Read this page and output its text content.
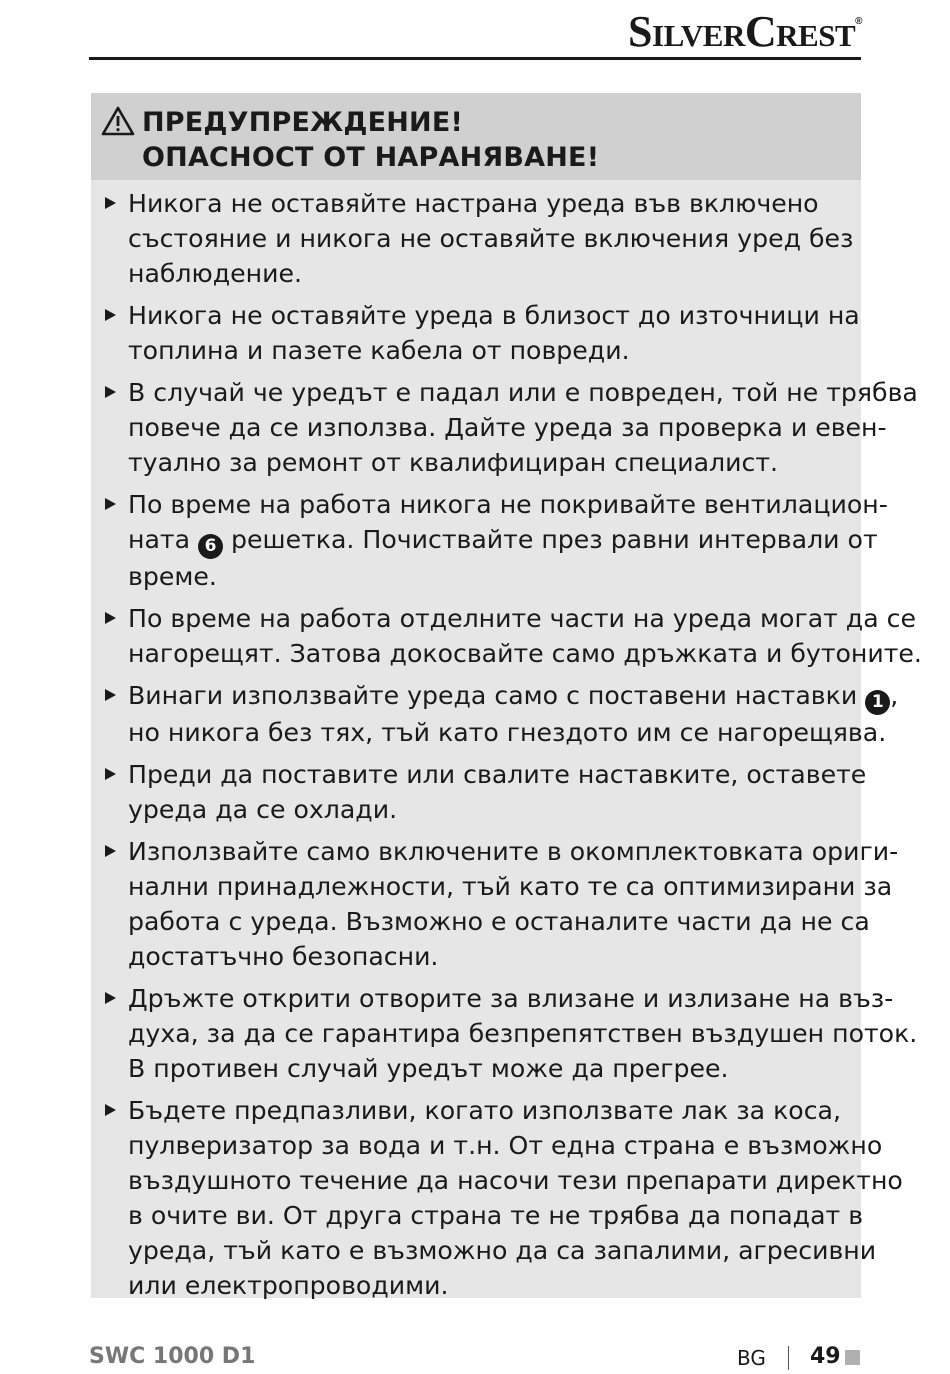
SILVERCREST®
ПРЕДУПРЕЖДЕНИЕ!
ОПАСНОСТ ОТ НАРАНЯВАНЕ!
Никога не оставяйте настрана уреда във включено
състояние и никога не оставяйте включения уред без
наблюдение.
Никога не оставяйте уреда в близост до източници на
топлина и пазете кабела от повреди.
В случай че уредът е падал или е повреден, той не трябва
повече да се използва. Дайте уреда за проверка и евен-
туално за ремонт от квалифициран специалист.
По време на работа никога не покривайте вентилацион-
ната 6 решетка. Почиствайте през равни интервали от
време.
По време на работа отделните части на уреда могат да се
нагорещят. Затова докосвайте само дръжката и бутоните.
Винаги използвайте уреда само с поставени наставки 1 ,
но никога без тях, тъй като гнездото им се нагорещява.
Преди да поставите или свалите наставките, оставете
уреда да се охлади.
Използвайте само включените в окомплектовката ориги-
нални принадлежности, тъй като те са оптимизирани за
работа с уреда. Възможно е останалите части да не са
достатъчно безопасни.
Дръжте открити отворите за влизане и излизане на въз-
духа, за да се гарантира безпрепятствен въздушен поток.
В противен случай уредът може да прегрее.
Бъдете предпазливи, когато използвате лак за коса,
пулверизатор за вода и т.н. От една страна е възможно
въздушното течение да насочи тези препарати директно
в очите ви. От друга страна те не трябва да попадат в
уреда, тъй като е възможно да са запалими, агресивни
или електропроводими.
SWC 1000 D1	BG 49
